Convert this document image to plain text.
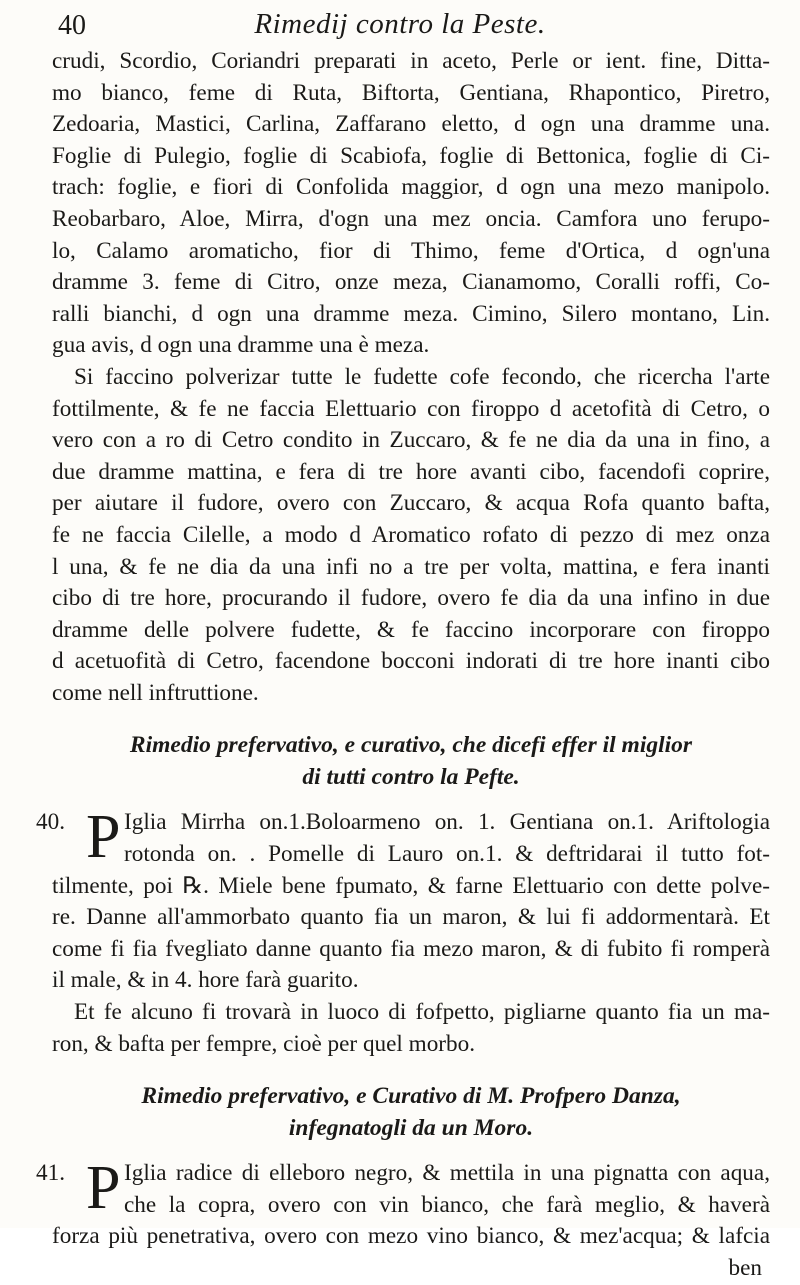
40	Rimedij contro la Peste.
crudi, Scordio, Coriandri preparati in aceto, Perle or ient. fine, Ditta-
mo bianco, feme di Ruta, Biftorta, Gentiana, Rhapontico, Piretro,
Zedoaria, Mastici, Carlina, Zaffarano eletto, d ogn una dramme una.
Foglie di Pulegio, foglie di Scabiofa, foglie di Bettonica, foglie di Ci-
trach: foglie, e fiori di Confolida maggior, d ogn una mezo manipolo.
Reobarbaro, Aloe, Mirra, d'ogn una mez oncia. Camfora uno ferupo-
lo, Calamo aromaticho, fior di Thimo, feme d'Ortica, d ogn'una
dramme 3. feme di Citro, onze meza, Cianamomo, Coralli roffi, Co-
ralli bianchi, d ogn una dramme meza. Cimino, Silero montano, Lin.
gua avis, d ogn una dramme una è meza.
Si faccino polverizar tutte le fudette cofe fecondo, che ricercha l'arte
fottilmente, & fe ne faccia Elettuario con firoppo d acetofità di Cetro, o
vero con a ro di Cetro condito in Zuccaro, & fe ne dia da una in fino, a
due dramme mattina, e fera di tre hore avanti cibo, facendofi coprire,
per aiutare il fudore, overo con Zuccaro, & acqua Rofa quanto bafta,
fe ne faccia Cilelle, a modo d Aromatico rofato di pezzo di mez onza
l una, & fe ne dia da una infi no a tre per volta, mattina, e fera inanti
cibo di tre hore, procurando il fudore, overo fe dia da una infino in due
dramme delle polvere fudette, & fe faccino incorporare con firoppo
d acetuofità di Cetro, facendone bocconi indorati di tre hore inanti cibo
come nell inftruttione.
Rimedio prefervativo, e curativo, che dicefi effer il miglior
di tutti contro la Pefte.
40. P Iglia Mirrha on.1.Boloarmeno on. 1. Gentiana on.1. Ariftologia
rotonda on. . Pomelle di Lauro on.1. & deftridarai il tutto fot-
tilmente, poi ℞. Miele bene fpumato, & farne Elettuario con dette polve-
re. Danne all'ammorbato quanto fia un maron, & lui fi addormentarà. Et
come fi fia fvegliato danne quanto fia mezo maron, & di fubito fi romperà
il male, & in 4. hore farà guarito.
Et fe alcuno fi trovarà in luoco di fofpetto, pigliarne quanto fia un ma-
ron, & bafta per fempre, cioè per quel morbo.
Rimedio prefervativo, e Curativo di M. Profpero Danza,
infegnatogli da un Moro.
41. P Iglia radice di elleboro negro, & mettila in una pignatta con aqua,
che la copra, overo con vin bianco, che farà meglio, & haverà
forza più penetrativa, overo con mezo vino bianco, & mez'acqua; & lafcia
ben
